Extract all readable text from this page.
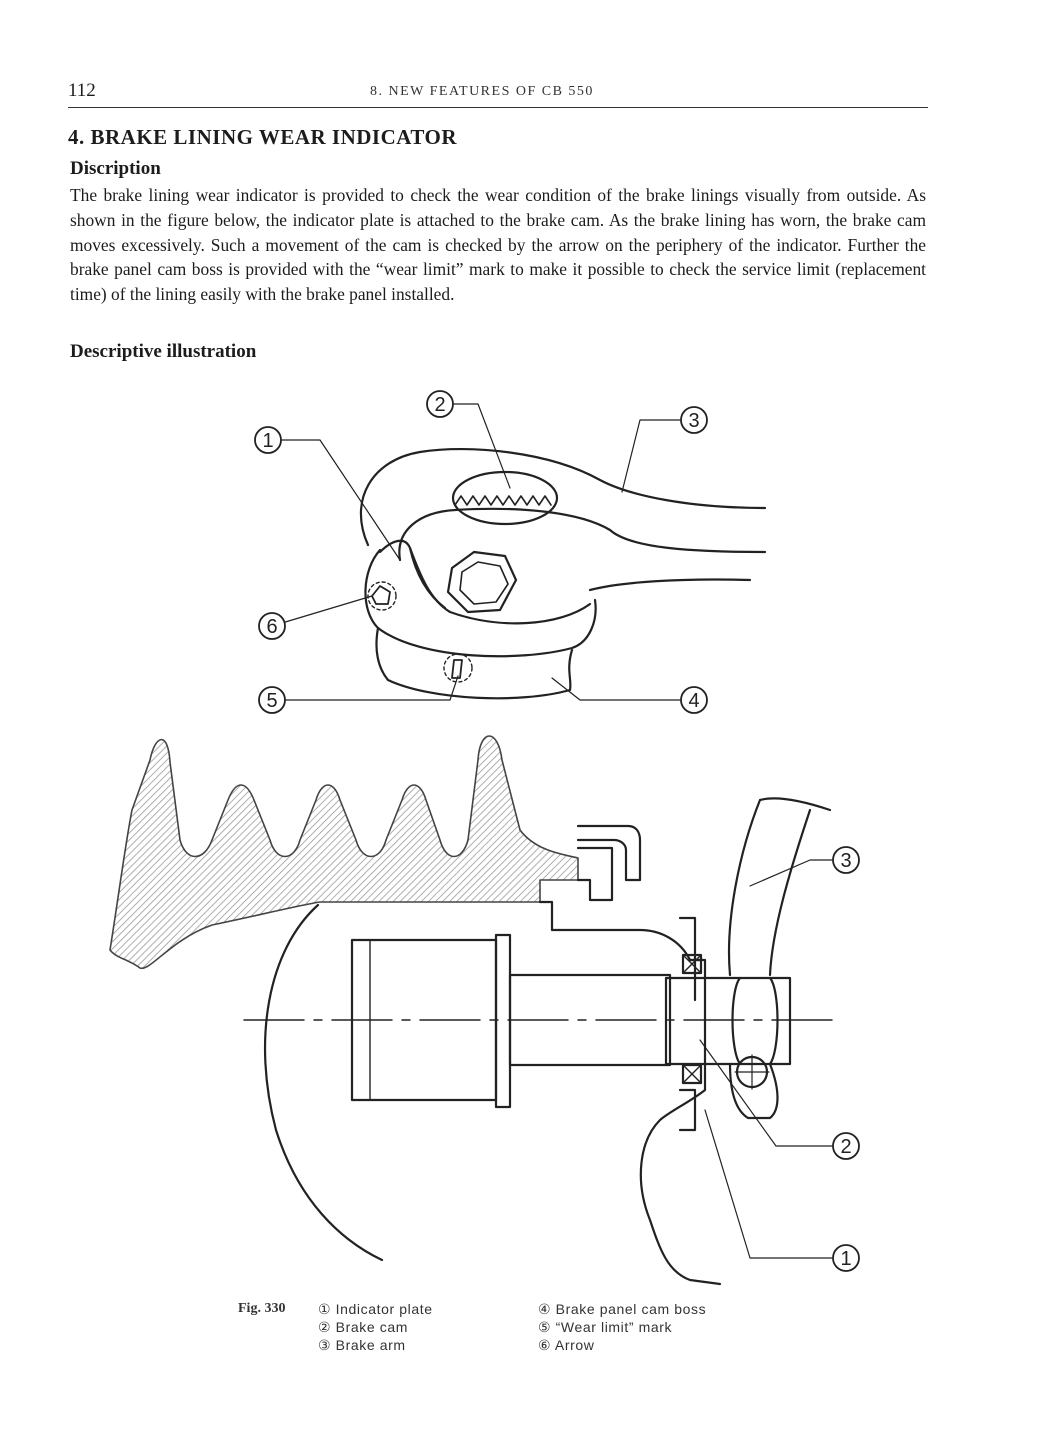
112	8. NEW FEATURES OF CB 550
4. BRAKE LINING WEAR INDICATOR
Discription
The brake lining wear indicator is provided to check the wear condition of the brake linings visually from outside. As shown in the figure below, the indicator plate is attached to the brake cam. As the brake lining has worn, the brake cam moves excessively. Such a movement of the cam is checked by the arrow on the periphery of the indicator. Further the brake panel cam boss is provided with the “wear limit” mark to make it possible to check the service limit (replacement time) of the lining easily with the brake panel installed.
Descriptive illustration
1
2
3
6
5	4
3
2
1
Fig. 330 ① Indicator plate
② Brake cam
③ Brake arm
④ Brake panel cam boss
⑤ “Wear limit” mark
⑥ Arrow
